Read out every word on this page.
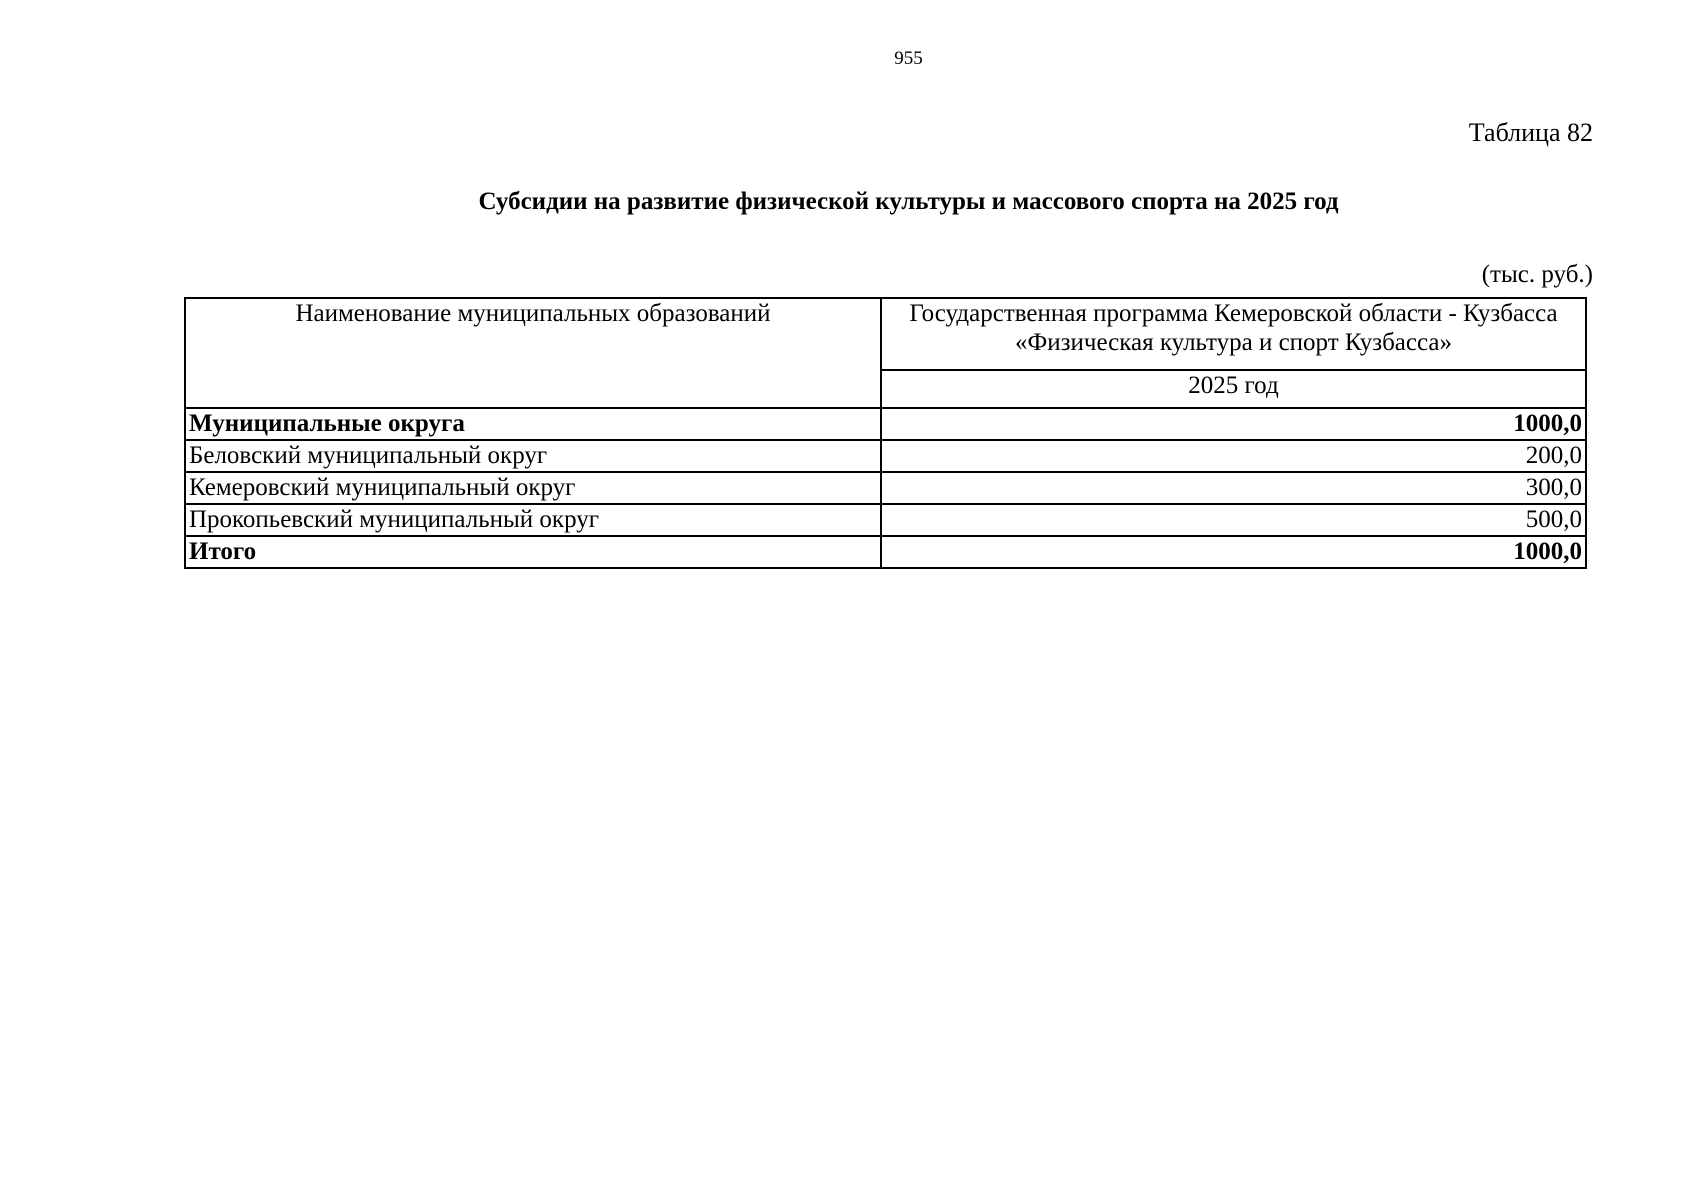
955
Таблица 82
Субсидии на развитие физической культуры и массового спорта на 2025 год
(тыс. руб.)
Наименование муниципальных образований	Государственная программа Кемеровской области - Кузбасса
«Физическая культура и спорт Кузбасса»

	2025 год
Муниципальные округа	1000,0
Беловский муниципальный округ	200,0
Кемеровский муниципальный округ	300,0
Прокопьевский муниципальный округ	500,0
Итого	1000,0
